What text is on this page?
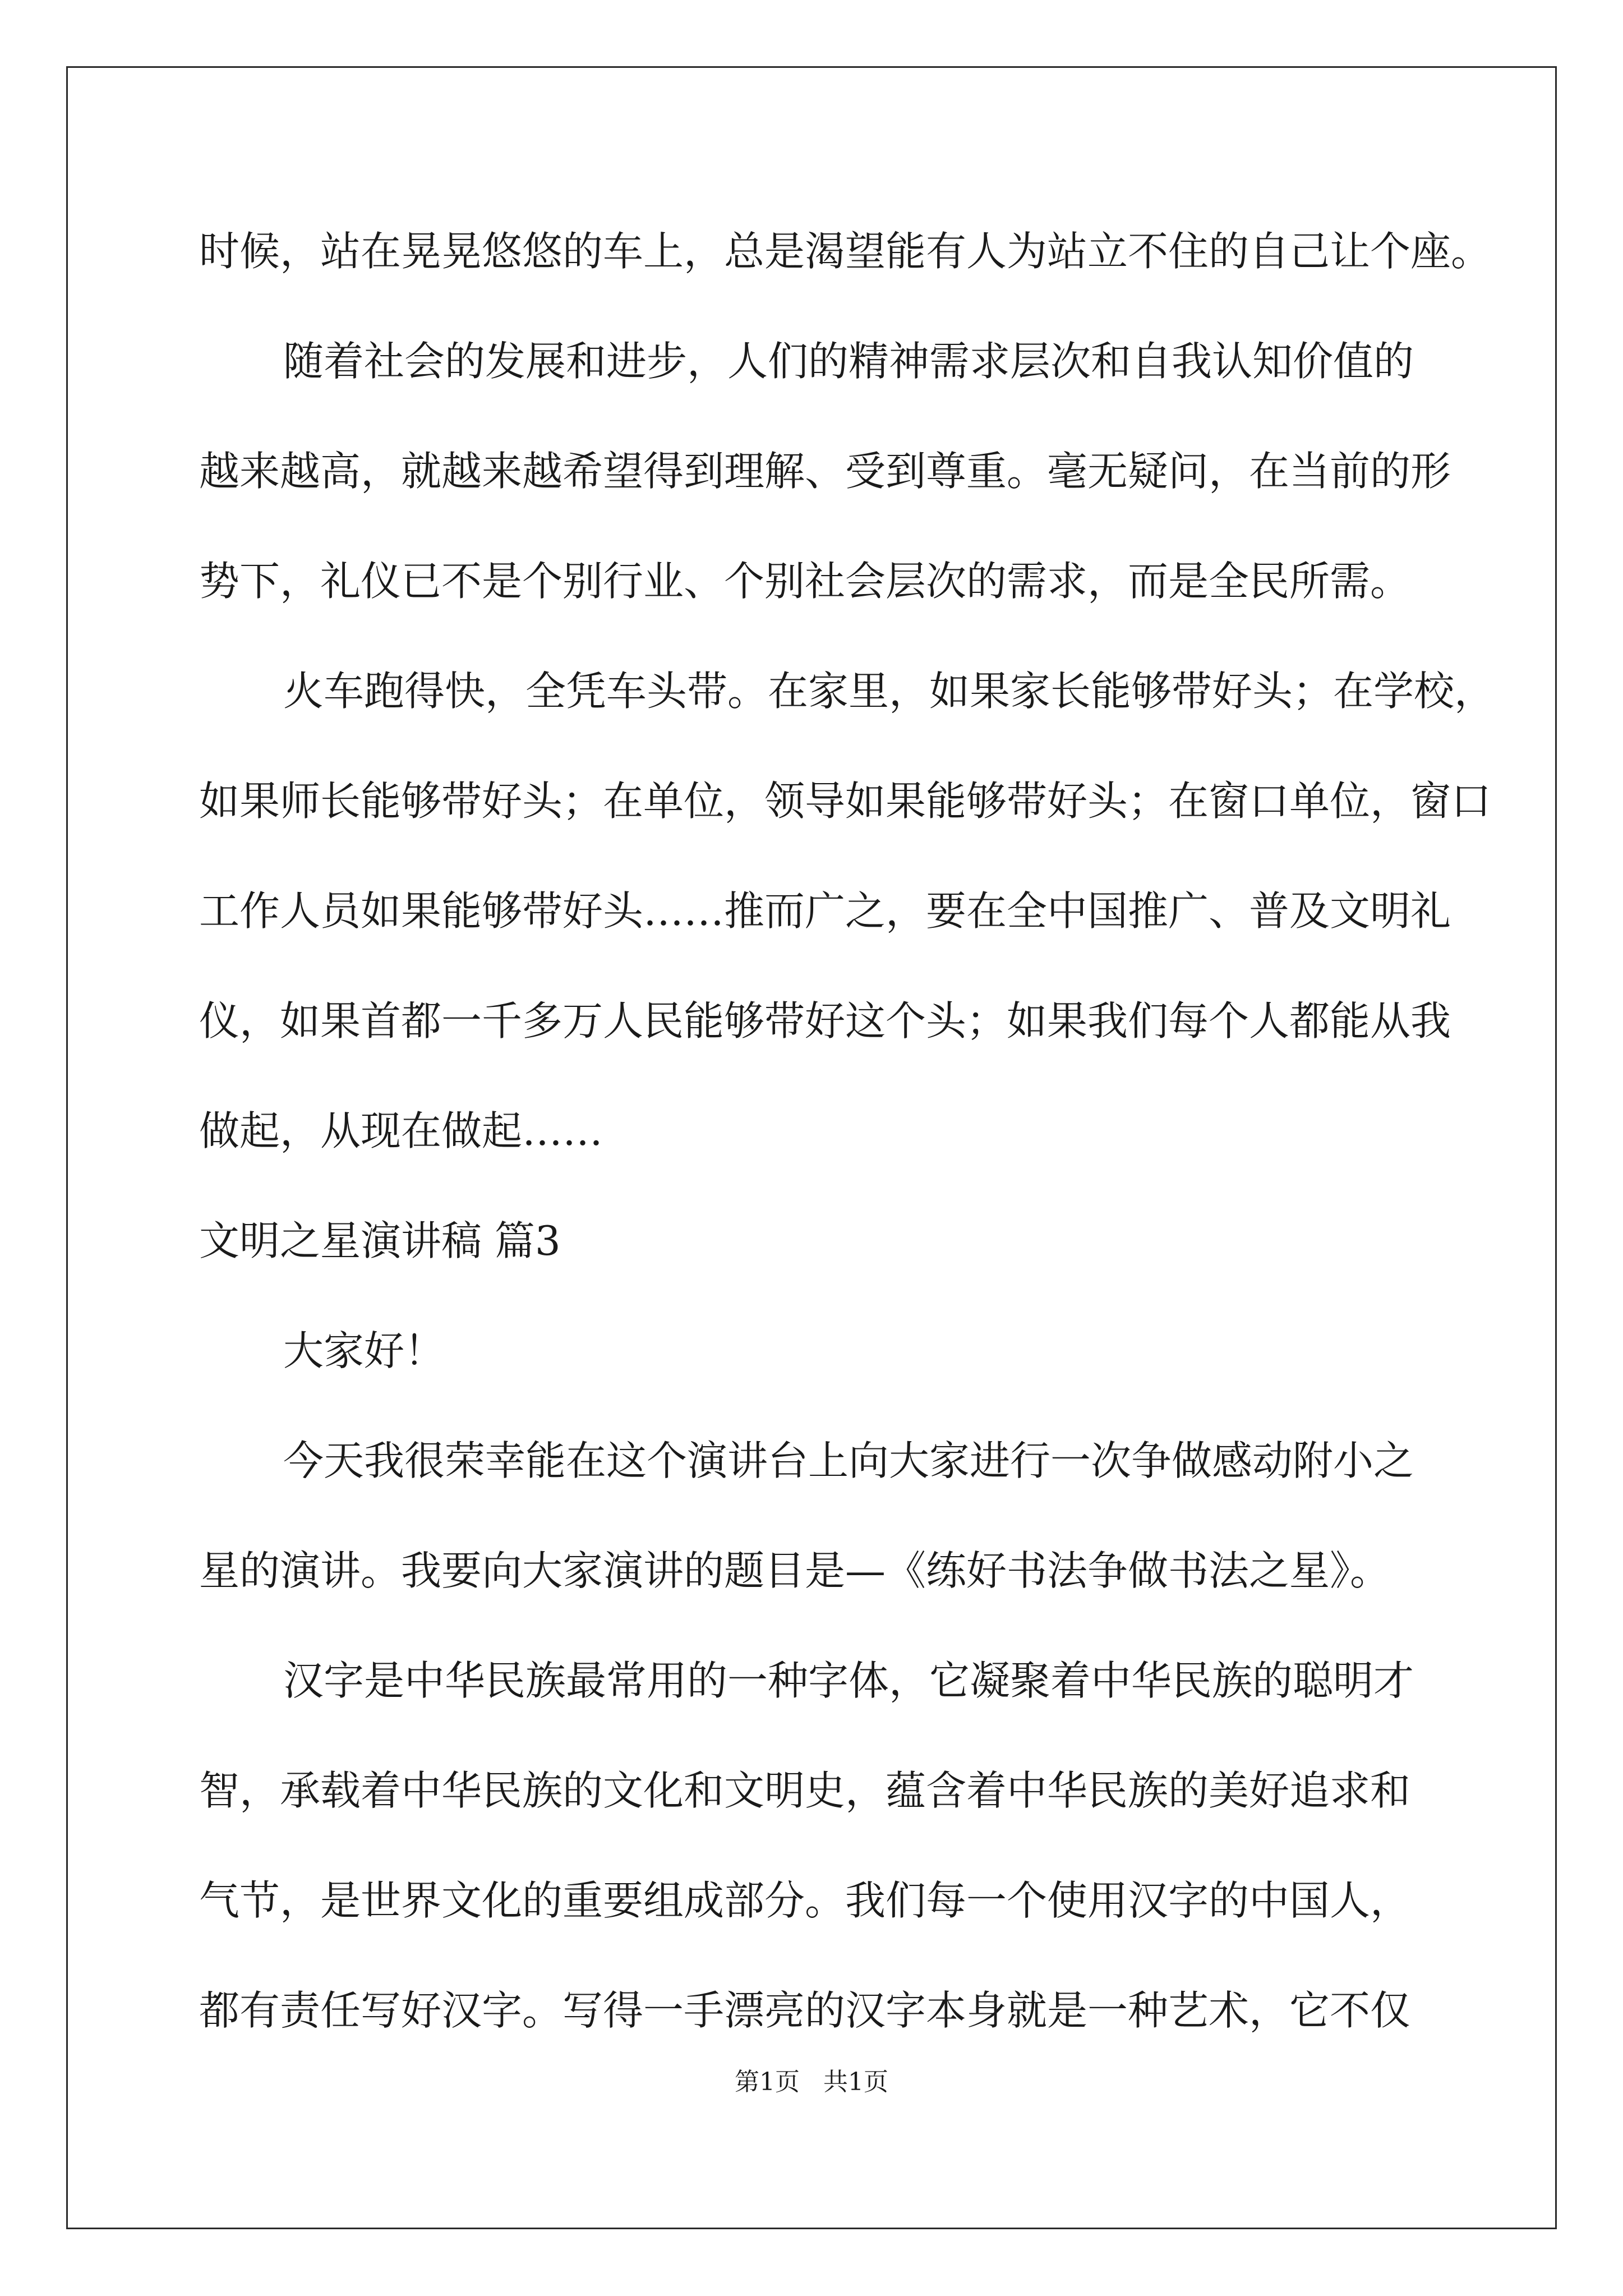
时候，站在晃晃悠悠的车上，总是渴望能有人为站立不住的自己让个座。
随着社会的发展和进步，人们的精神需求层次和自我认知价值的
越来越高，就越来越希望得到理解、受到尊重。毫无疑问，在当前的形
势下，礼仪已不是个别行业、个别社会层次的需求，而是全民所需。
火车跑得快，全凭车头带。在家里，如果家长能够带好头；在学校，
如果师长能够带好头；在单位，领导如果能够带好头；在窗口单位，窗口
工作人员如果能够带好头……推而广之，要在全中国推广、普及文明礼
仪，如果首都一千多万人民能够带好这个头；如果我们每个人都能从我
做起，从现在做起……
文明之星演讲稿 篇3
大家好！
今天我很荣幸能在这个演讲台上向大家进行一次争做感动附小之
星的演讲。我要向大家演讲的题目是—《练好书法争做书法之星》。
汉字是中华民族最常用的一种字体，它凝聚着中华民族的聪明才
智，承载着中华民族的文化和文明史，蕴含着中华民族的美好追求和
气节，是世界文化的重要组成部分。我们每一个使用汉字的中国人，
都有责任写好汉字。写得一手漂亮的汉字本身就是一种艺术，它不仅
第1页 共1页
